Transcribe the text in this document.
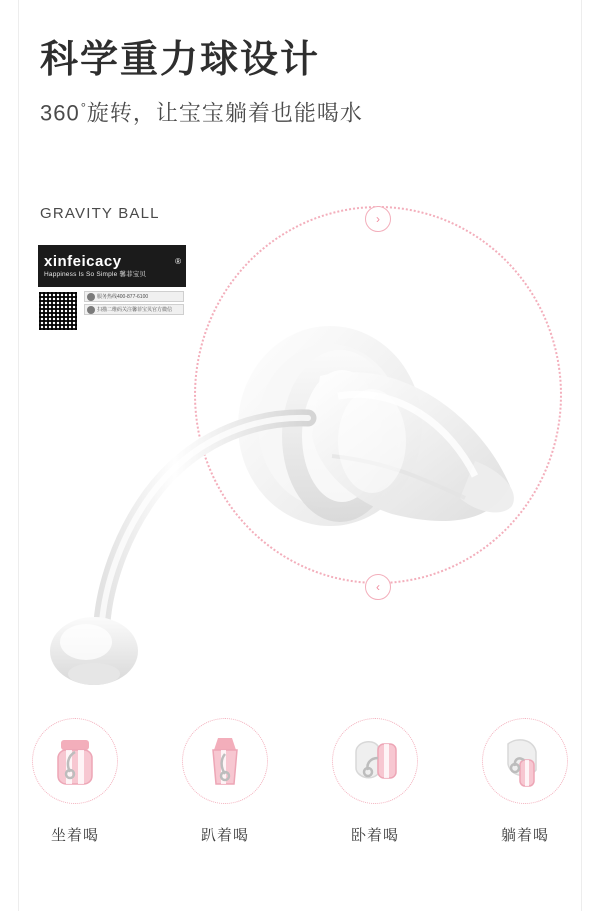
科学重力球设计
360°旋转，让宝宝躺着也能喝水
GRAVITY BALL
xinfeicacy
Happiness Is So Simple 馨菲宝贝
®
服务热线400-877-6100
扫描二维码关注馨菲宝贝官方微信
›
‹
坐着喝	趴着喝	卧着喝	躺着喝
